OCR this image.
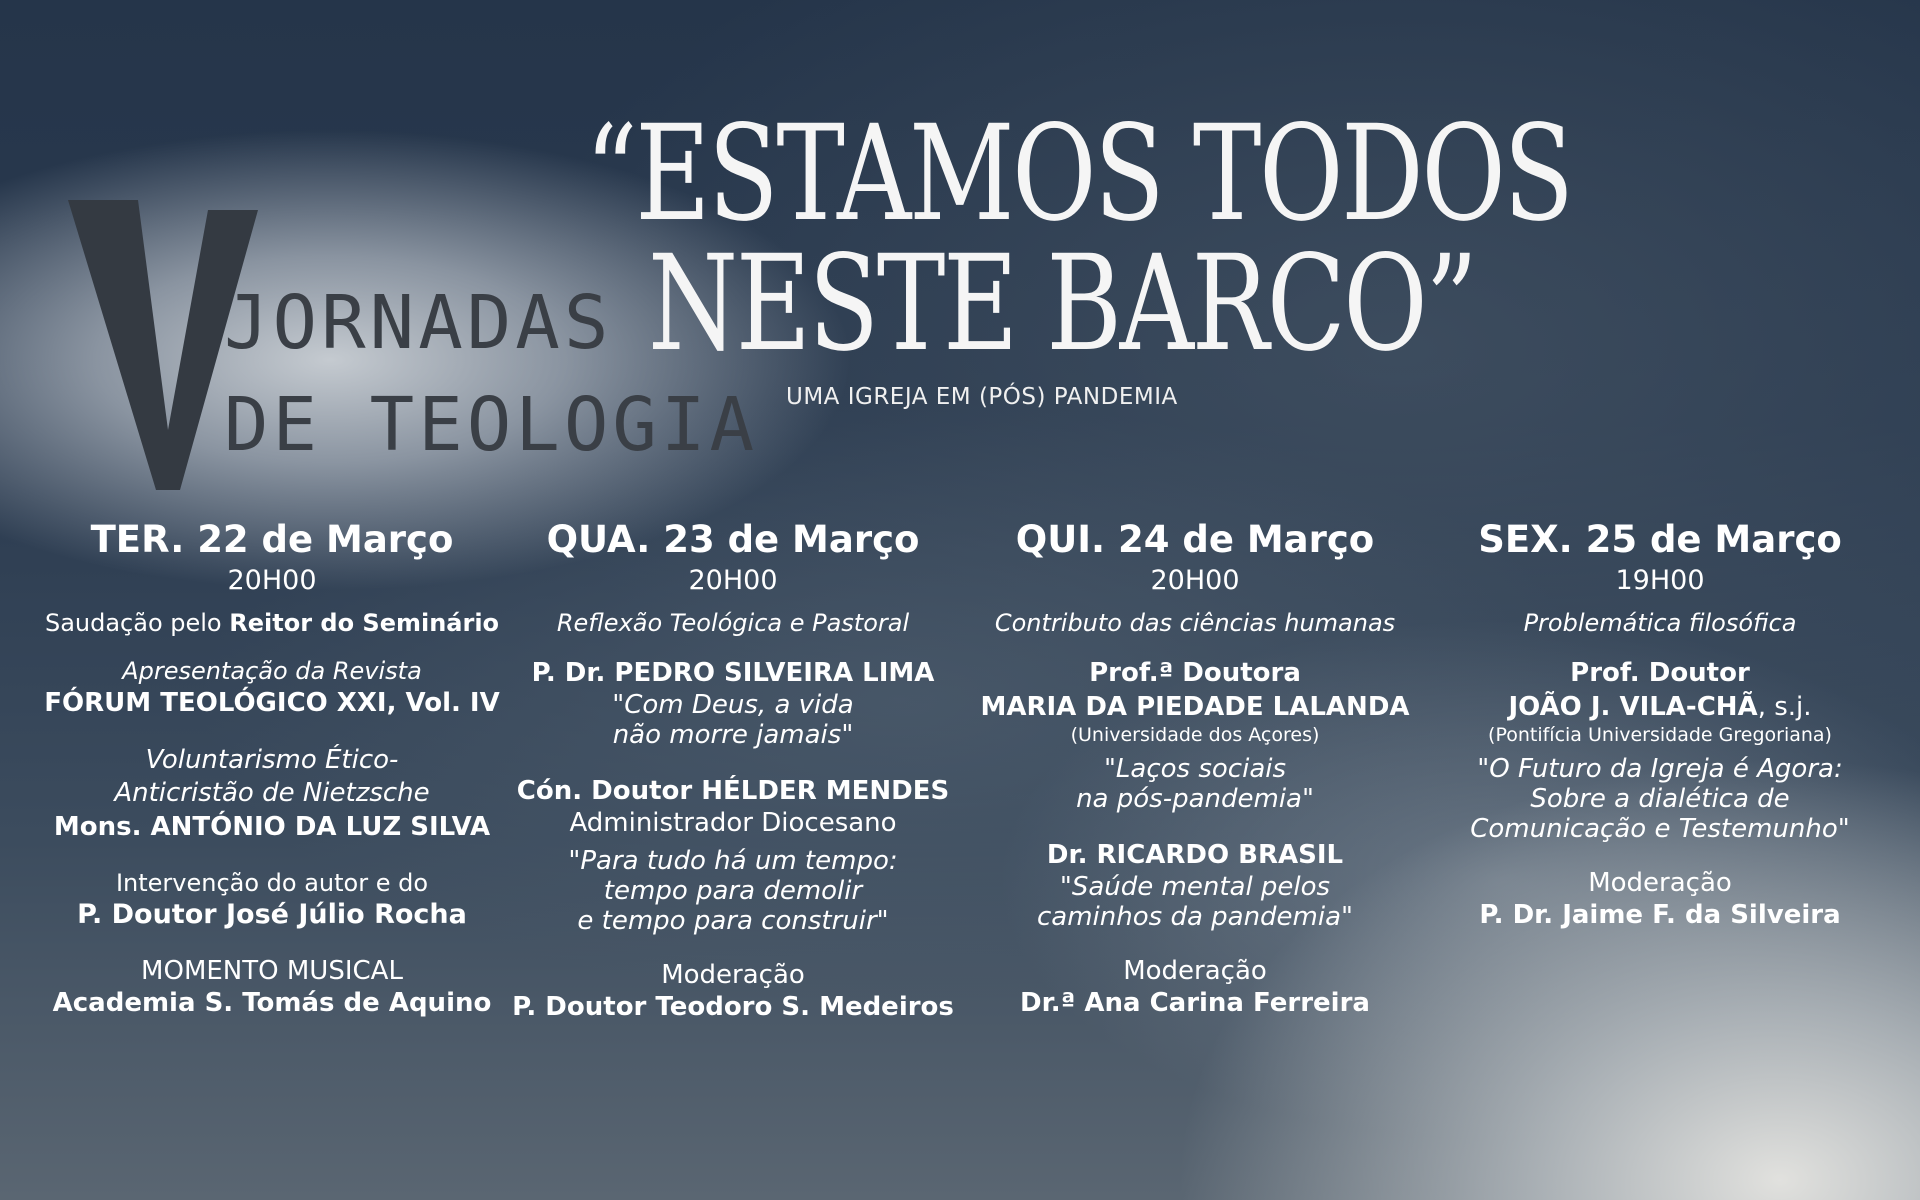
JORNADAS
DE TEOLOGIA
“ESTAMOS TODOS
NESTE BARCO”
UMA IGREJA EM (PÓS) PANDEMIA
TER. 22 de Março
20H00
Saudação pelo Reitor do Seminário
Apresentação da Revista
FÓRUM TEOLÓGICO XXI, Vol. IV
Voluntarismo Ético-
Anticristão de Nietzsche
Mons. ANTÓNIO DA LUZ SILVA
Intervenção do autor e do
P. Doutor José Júlio Rocha
MOMENTO MUSICAL
Academia S. Tomás de Aquino
QUA. 23 de Março
20H00
Reflexão Teológica e Pastoral
P. Dr. PEDRO SILVEIRA LIMA
"Com Deus, a vida
não morre jamais"
Cón. Doutor HÉLDER MENDES
Administrador Diocesano
"Para tudo há um tempo:
tempo para demolir
e tempo para construir"
Moderação
P. Doutor Teodoro S. Medeiros
QUI. 24 de Março
20H00
Contributo das ciências humanas
Prof.ª Doutora
MARIA DA PIEDADE LALANDA
(Universidade dos Açores)
"Laços sociais
na pós-pandemia"
Dr. RICARDO BRASIL
"Saúde mental pelos
caminhos da pandemia"
Moderação
Dr.ª Ana Carina Ferreira
SEX. 25 de Março
19H00
Problemática filosófica
Prof. Doutor
JOÃO J. VILA-CHÃ, s.j.
(Pontifícia Universidade Gregoriana)
"O Futuro da Igreja é Agora:
Sobre a dialética de
Comunicação e Testemunho"
Moderação
P. Dr. Jaime F. da Silveira
